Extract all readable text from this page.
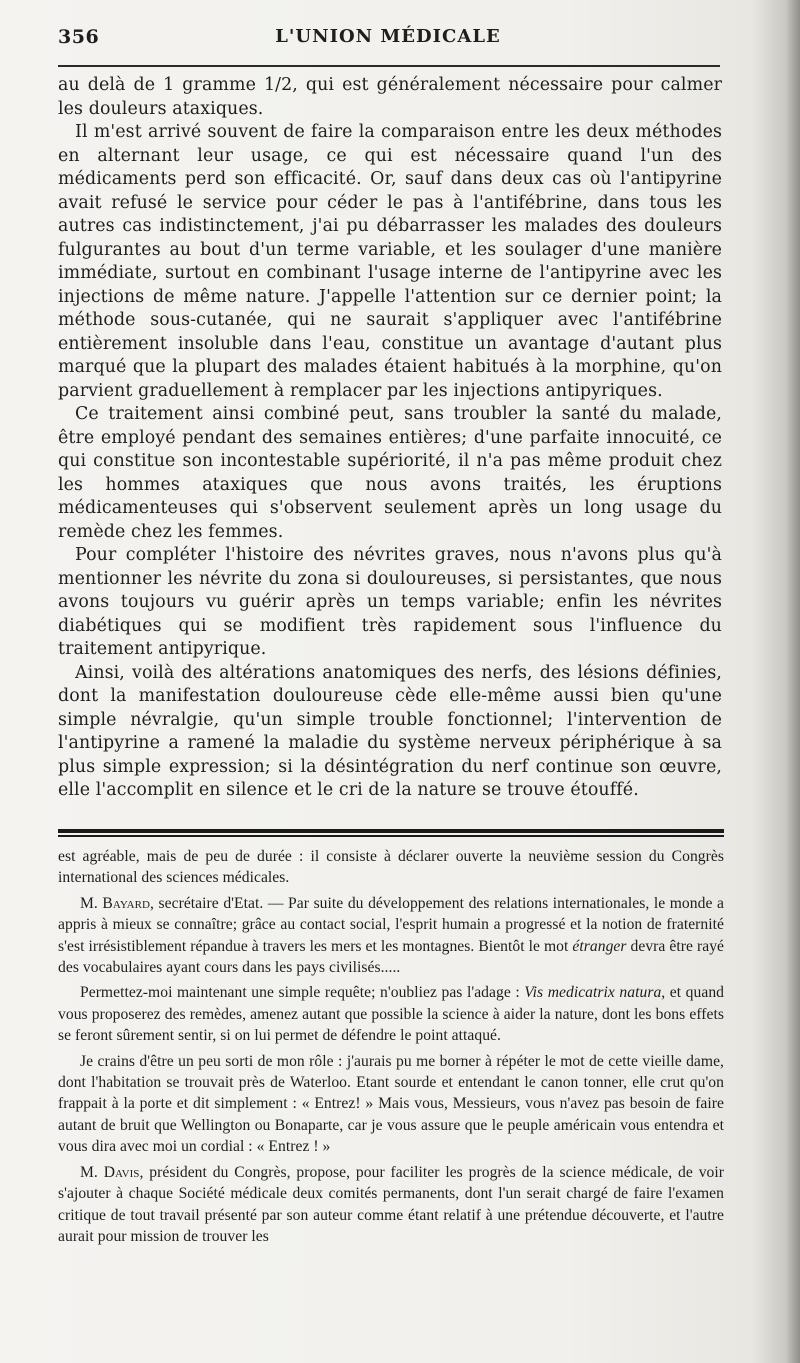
356	L'UNION MÉDICALE

au delà de 1 gramme 1/2, qui est généralement nécessaire pour calmer les douleurs ataxiques.

Il m'est arrivé souvent de faire la comparaison entre les deux méthodes en alternant leur usage, ce qui est nécessaire quand l'un des médicaments perd son efficacité. Or, sauf dans deux cas où l'antipyrine avait refusé le service pour céder le pas à l'antifébrine, dans tous les autres cas indistinctement, j'ai pu débarrasser les malades des douleurs fulgurantes au bout d'un terme variable, et les soulager d'une manière immédiate, surtout en combinant l'usage interne de l'antipyrine avec les injections de même nature. J'appelle l'attention sur ce dernier point; la méthode sous-cutanée, qui ne saurait s'appliquer avec l'antifébrine entièrement insoluble dans l'eau, constitue un avantage d'autant plus marqué que la plupart des malades étaient habitués à la morphine, qu'on parvient graduellement à remplacer par les injections antipyriques.

Ce traitement ainsi combiné peut, sans troubler la santé du malade, être employé pendant des semaines entières; d'une parfaite innocuité, ce qui constitue son incontestable supériorité, il n'a pas même produit chez les hommes ataxiques que nous avons traités, les éruptions médicamenteuses qui s'observent seulement après un long usage du remède chez les femmes.

Pour compléter l'histoire des névrites graves, nous n'avons plus qu'à mentionner les névrite du zona si douloureuses, si persistantes, que nous avons toujours vu guérir après un temps variable; enfin les névrites diabétiques qui se modifient très rapidement sous l'influence du traitement antipyrique.

Ainsi, voilà des altérations anatomiques des nerfs, des lésions définies, dont la manifestation douloureuse cède elle-même aussi bien qu'une simple névralgie, qu'un simple trouble fonctionnel; l'intervention de l'antipyrine a ramené la maladie du système nerveux périphérique à sa plus simple expression; si la désintégration du nerf continue son œuvre, elle l'accomplit en silence et le cri de la nature se trouve étouffé.

est agréable, mais de peu de durée : il consiste à déclarer ouverte la neuvième session du Congrès international des sciences médicales.

M. Bayard, secrétaire d'Etat. — Par suite du développement des relations internationales, le monde a appris à mieux se connaître; grâce au contact social, l'esprit humain a progressé et la notion de fraternité s'est irrésistiblement répandue à travers les mers et les montagnes. Bientôt le mot étranger devra être rayé des vocabulaires ayant cours dans les pays civilisés.....

Permettez-moi maintenant une simple requête; n'oubliez pas l'adage : Vis medicatrix natura, et quand vous proposerez des remèdes, amenez autant que possible la science à aider la nature, dont les bons effets se feront sûrement sentir, si on lui permet de défendre le point attaqué.

Je crains d'être un peu sorti de mon rôle : j'aurais pu me borner à répéter le mot de cette vieille dame, dont l'habitation se trouvait près de Waterloo. Etant sourde et entendant le canon tonner, elle crut qu'on frappait à la porte et dit simplement : « Entrez! » Mais vous, Messieurs, vous n'avez pas besoin de faire autant de bruit que Wellington ou Bonaparte, car je vous assure que le peuple américain vous entendra et vous dira avec moi un cordial : « Entrez ! »

M. Davis, président du Congrès, propose, pour faciliter les progrès de la science médicale, de voir s'ajouter à chaque Société médicale deux comités permanents, dont l'un serait chargé de faire l'examen critique de tout travail présenté par son auteur comme étant relatif à une prétendue découverte, et l'autre aurait pour mission de trouver les
